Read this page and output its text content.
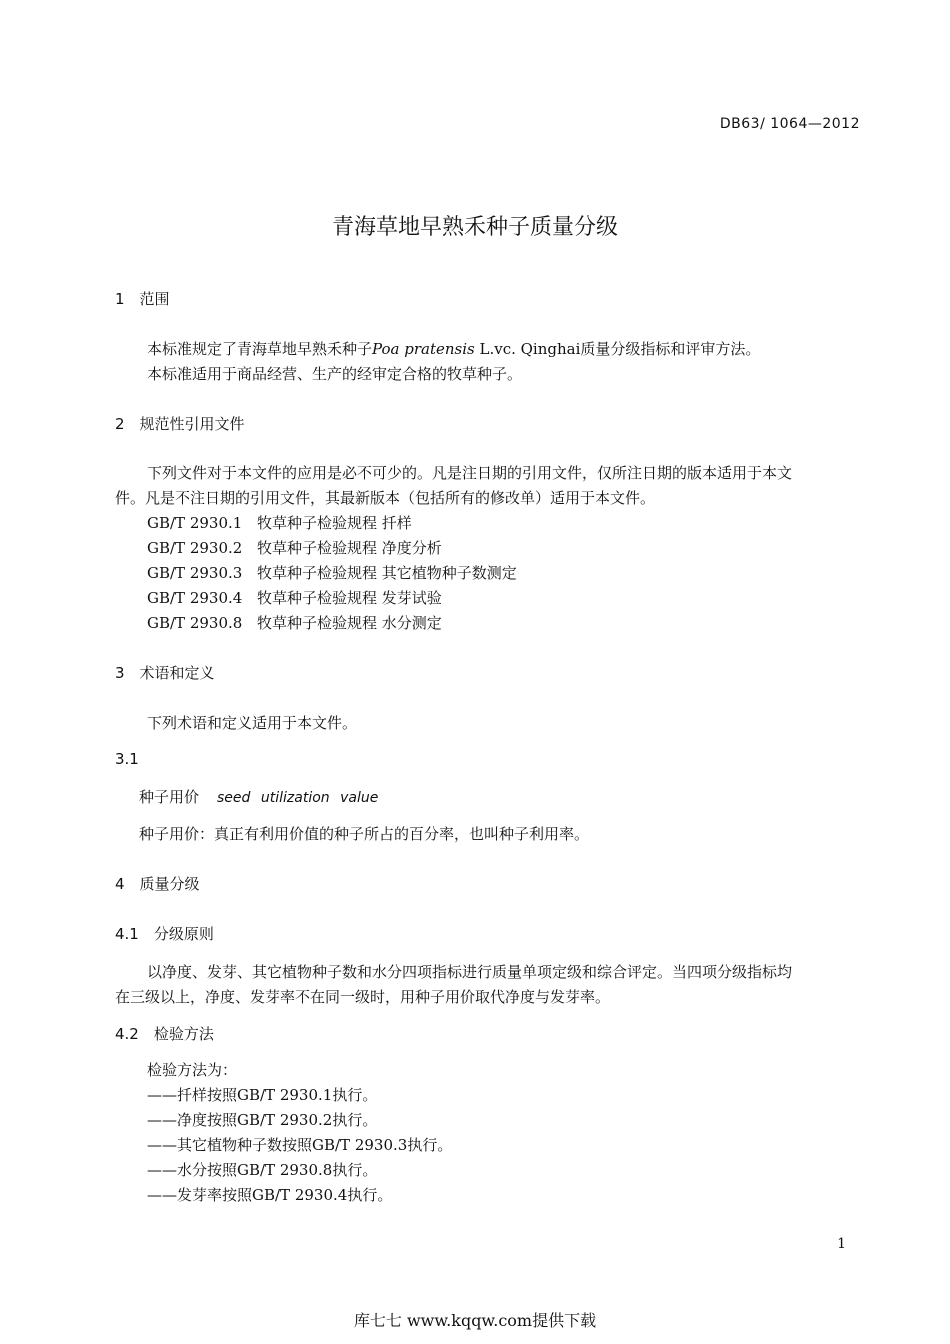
DB63/ 1064—2012
青海草地早熟禾种子质量分级
1　范围
本标准规定了青海草地早熟禾种子Poa pratensis L.vc. Qinghai质量分级指标和评审方法。
本标准适用于商品经营、生产的经审定合格的牧草种子。
2　规范性引用文件
下列文件对于本文件的应用是必不可少的。凡是注日期的引用文件，仅所注日期的版本适用于本文
件。凡是不注日期的引用文件，其最新版本（包括所有的修改单）适用于本文件。
GB/T 2930.1 牧草种子检验规程 扦样
GB/T 2930.2 牧草种子检验规程 净度分析
GB/T 2930.3 牧草种子检验规程 其它植物种子数测定
GB/T 2930.4 牧草种子检验规程 发芽试验
GB/T 2930.8 牧草种子检验规程 水分测定
3　术语和定义
下列术语和定义适用于本文件。
3.1
种子用价 seed utilization value
种子用价：真正有利用价值的种子所占的百分率，也叫种子利用率。
4　质量分级
4.1　分级原则
以净度、发芽、其它植物种子数和水分四项指标进行质量单项定级和综合评定。当四项分级指标均
在三级以上，净度、发芽率不在同一级时，用种子用价取代净度与发芽率。
4.2　检验方法
检验方法为：
——扦样按照GB/T 2930.1执行。
——净度按照GB/T 2930.2执行。
——其它植物种子数按照GB/T 2930.3执行。
——水分按照GB/T 2930.8执行。
——发芽率按照GB/T 2930.4执行。
1
库七七 www.kqqw.com提供下载
